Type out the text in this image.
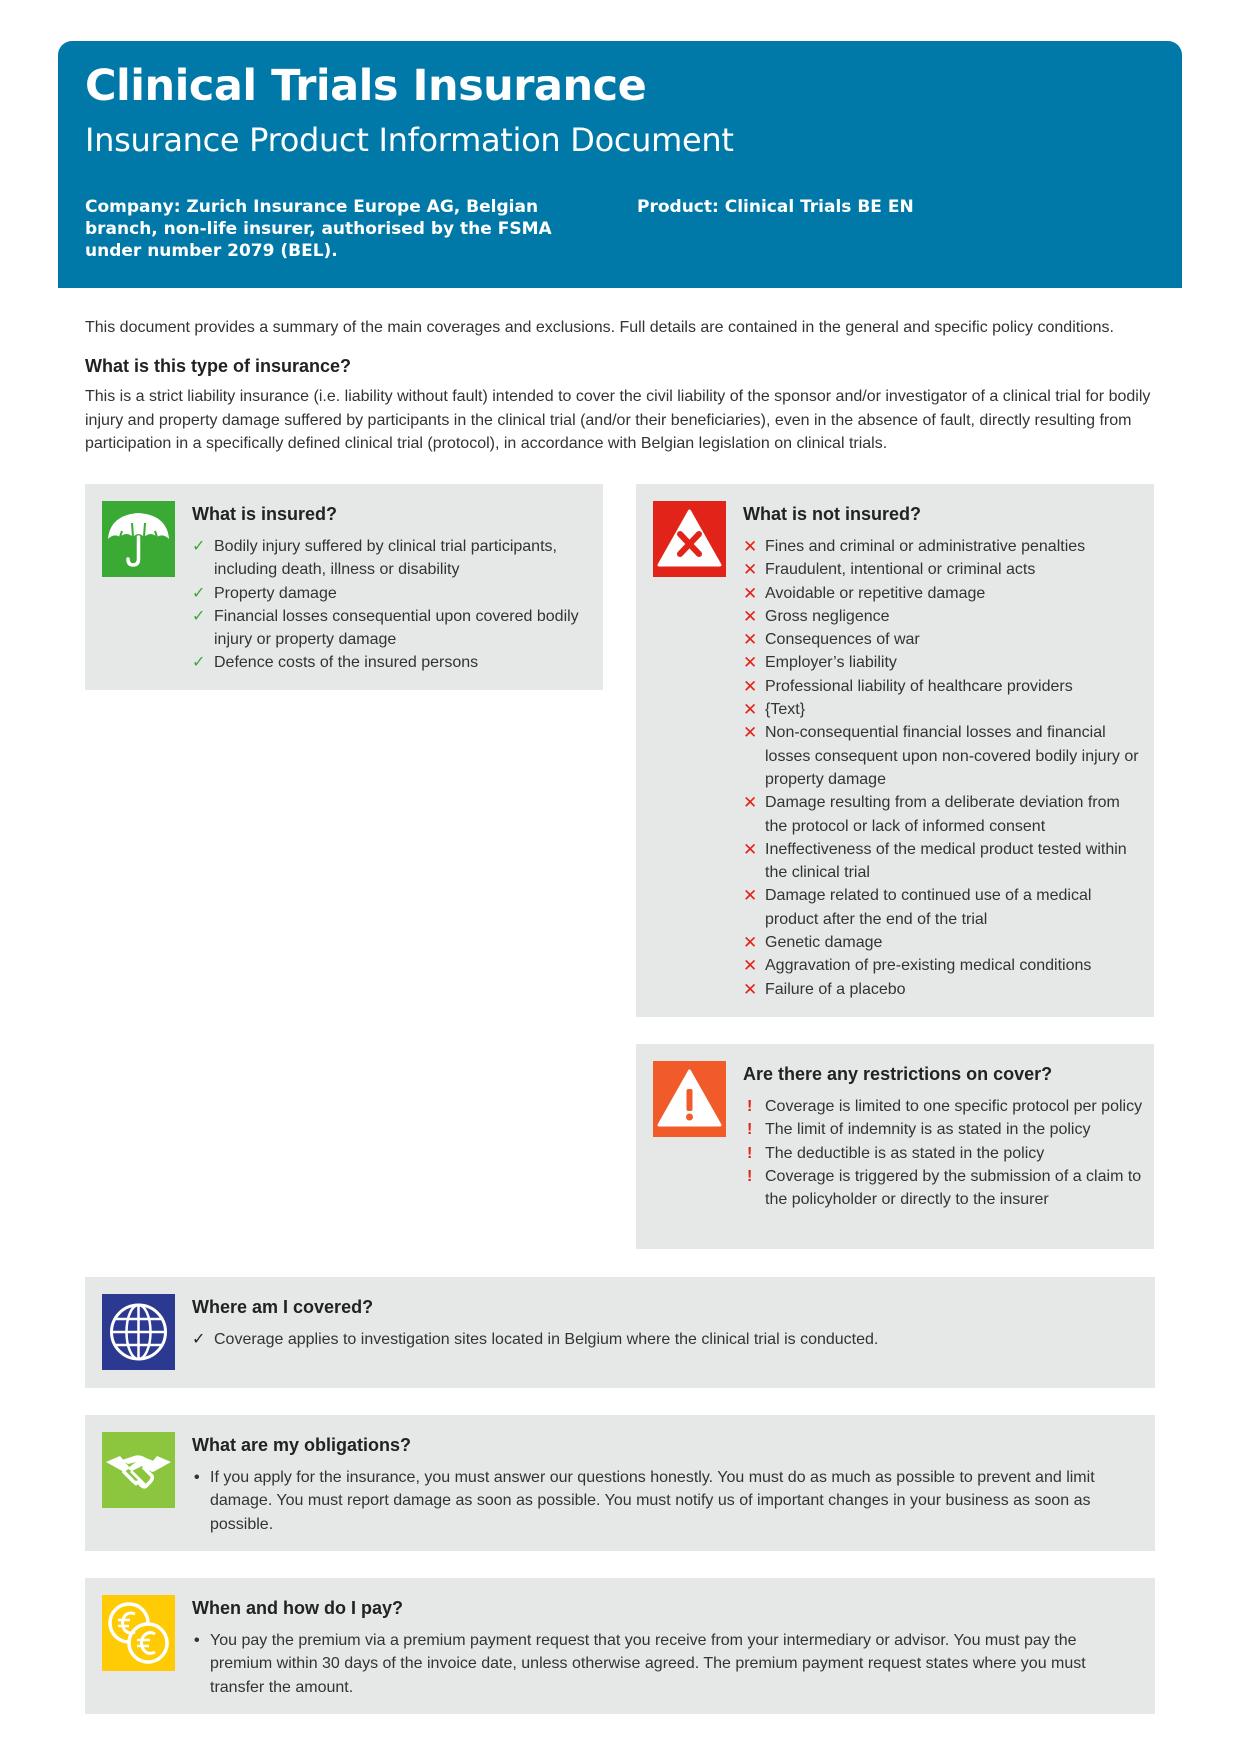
Clinical Trials Insurance
Insurance Product Information Document
Company: Zurich Insurance Europe AG, Belgian branch, non-life insurer, authorised by the FSMA under number 2079 (BEL).
Product: Clinical Trials BE EN
This document provides a summary of the main coverages and exclusions. Full details are contained in the general and specific policy conditions.
What is this type of insurance?
This is a strict liability insurance (i.e. liability without fault) intended to cover the civil liability of the sponsor and/or investigator of a clinical trial for bodily injury and property damage suffered by participants in the clinical trial (and/or their beneficiaries), even in the absence of fault, directly resulting from participation in a specifically defined clinical trial (protocol), in accordance with Belgian legislation on clinical trials.
What is insured?
✓ Bodily injury suffered by clinical trial participants, including death, illness or disability
✓ Property damage
✓ Financial losses consequential upon covered bodily injury or property damage
✓ Defence costs of the insured persons
What is not insured?
✕ Fines and criminal or administrative penalties
✕ Fraudulent, intentional or criminal acts
✕ Avoidable or repetitive damage
✕ Gross negligence
✕ Consequences of war
✕ Employer’s liability
✕ Professional liability of healthcare providers
✕ {Text}
✕ Non-consequential financial losses and financial losses consequent upon non-covered bodily injury or property damage
✕ Damage resulting from a deliberate deviation from the protocol or lack of informed consent
✕ Ineffectiveness of the medical product tested within the clinical trial
✕ Damage related to continued use of a medical product after the end of the trial
✕ Genetic damage
✕ Aggravation of pre-existing medical conditions
✕ Failure of a placebo
Are there any restrictions on cover?
! Coverage is limited to one specific protocol per policy
! The limit of indemnity is as stated in the policy
! The deductible is as stated in the policy
! Coverage is triggered by the submission of a claim to the policyholder or directly to the insurer
Where am I covered?
✓ Coverage applies to investigation sites located in Belgium where the clinical trial is conducted.
What are my obligations?
• If you apply for the insurance, you must answer our questions honestly. You must do as much as possible to prevent and limit damage. You must report damage as soon as possible. You must notify us of important changes in your business as soon as possible.
When and how do I pay?
• You pay the premium via a premium payment request that you receive from your intermediary or advisor. You must pay the premium within 30 days of the invoice date, unless otherwise agreed. The premium payment request states where you must transfer the amount.
